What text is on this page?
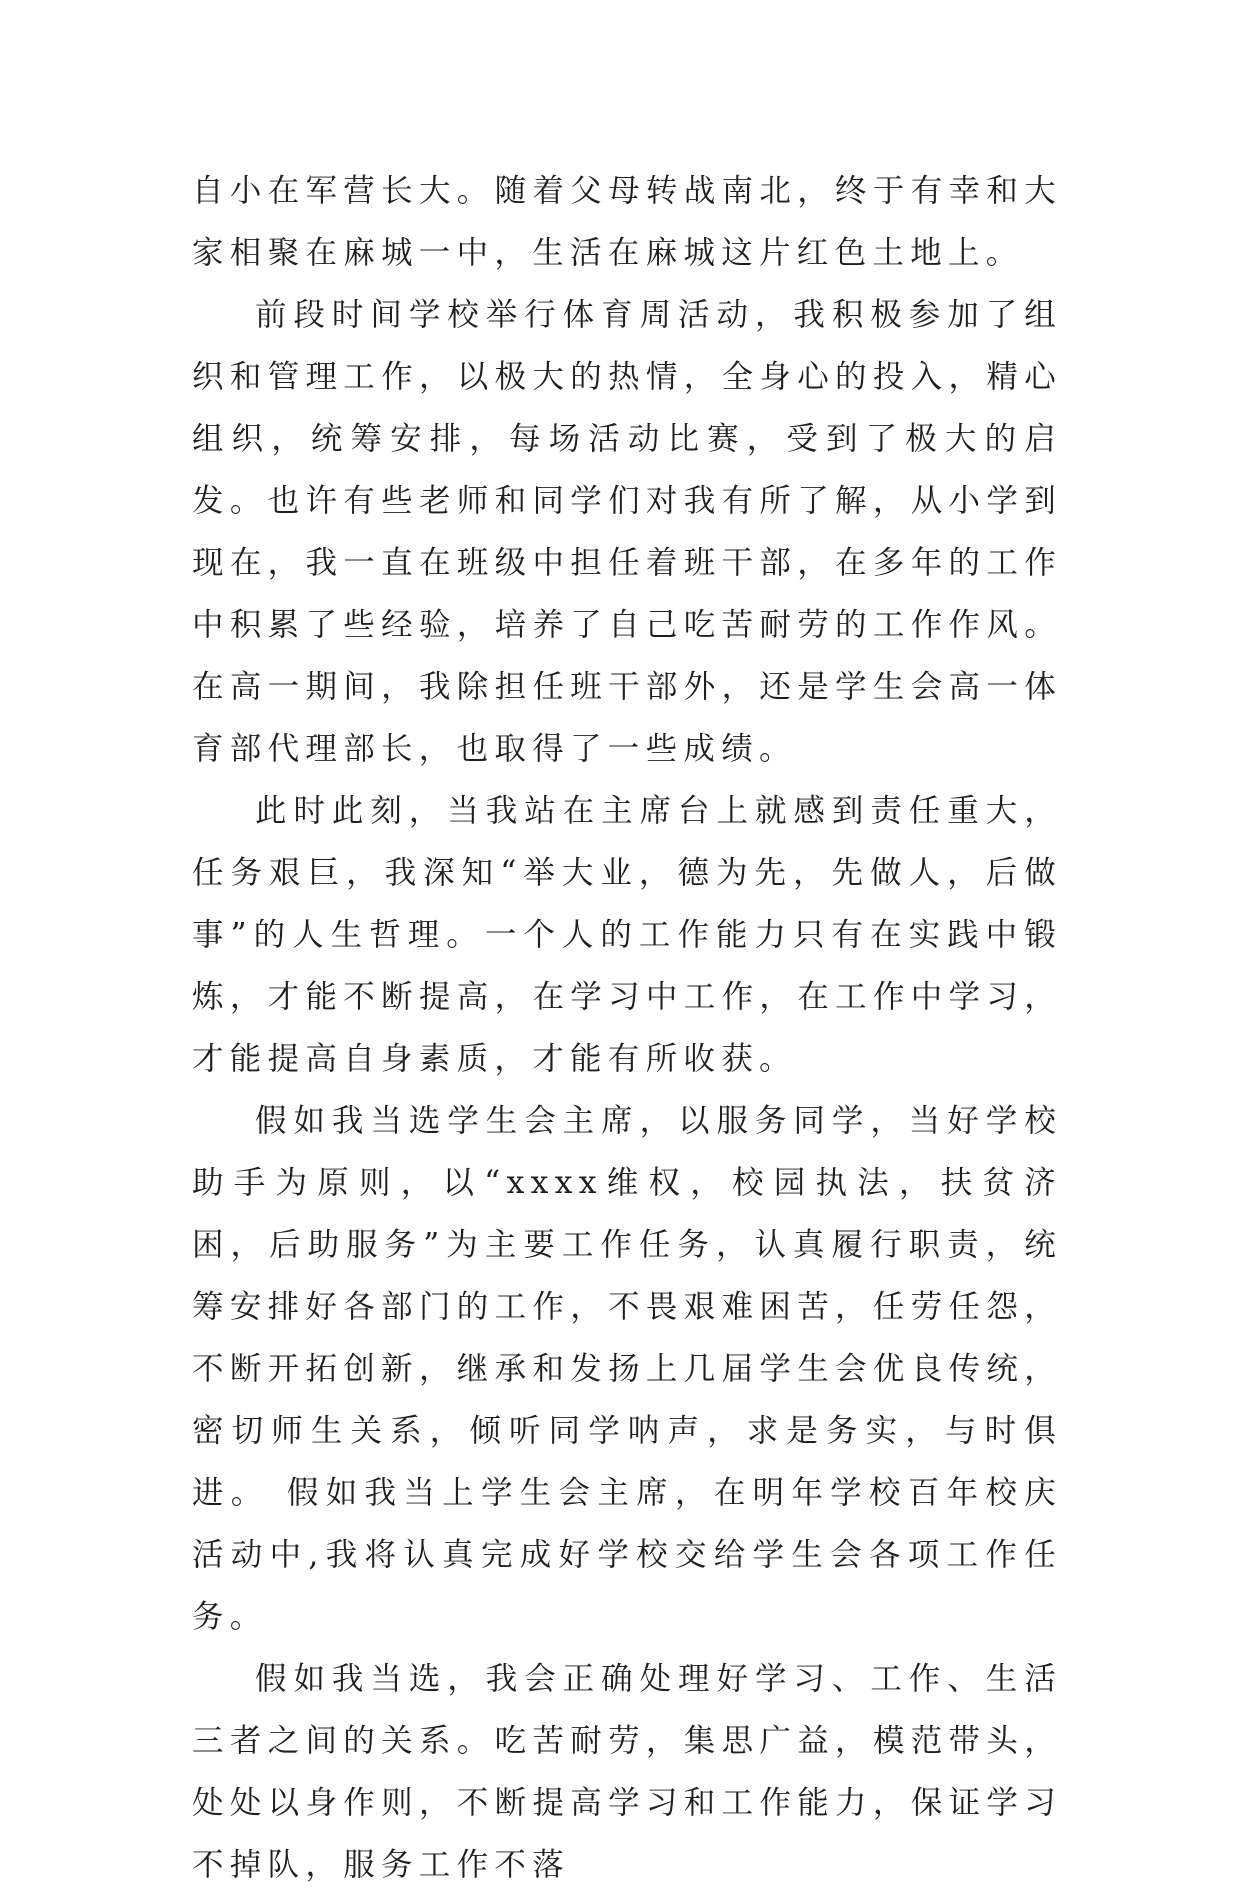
自小在军营长大。随着父母转战南北，终于有幸和大家相聚在麻城一中，生活在麻城这片红色土地上。

前段时间学校举行体育周活动，我积极参加了组织和管理工作，以极大的热情，全身心的投入，精心组织，统筹安排，每场活动比赛，受到了极大的启发。也许有些老师和同学们对我有所了解，从小学到现在，我一直在班级中担任着班干部，在多年的工作中积累了些经验，培养了自己吃苦耐劳的工作作风。在高一期间，我除担任班干部外，还是学生会高一体育部代理部长，也取得了一些成绩。

此时此刻，当我站在主席台上就感到责任重大，任务艰巨，我深知“举大业，德为先，先做人，后做事”的人生哲理。一个人的工作能力只有在实践中锻炼，才能不断提高，在学习中工作，在工作中学习，才能提高自身素质，才能有所收获。

假如我当选学生会主席，以服务同学，当好学校助手为原则，以“xxxx维权，校园执法，扶贫济困，后助服务”为主要工作任务，认真履行职责，统筹安排好各部门的工作，不畏艰难困苦，任劳任怨，不断开拓创新，继承和发扬上几届学生会优良传统，密切师生关系，倾听同学呐声，求是务实，与时俱进。 假如我当上学生会主席，在明年学校百年校庆活动中,我将认真完成好学校交给学生会各项工作任务。

假如我当选，我会正确处理好学习、工作、生活三者之间的关系。吃苦耐劳，集思广益，模范带头，处处以身作则，不断提高学习和工作能力，保证学习不掉队，服务工作不落
